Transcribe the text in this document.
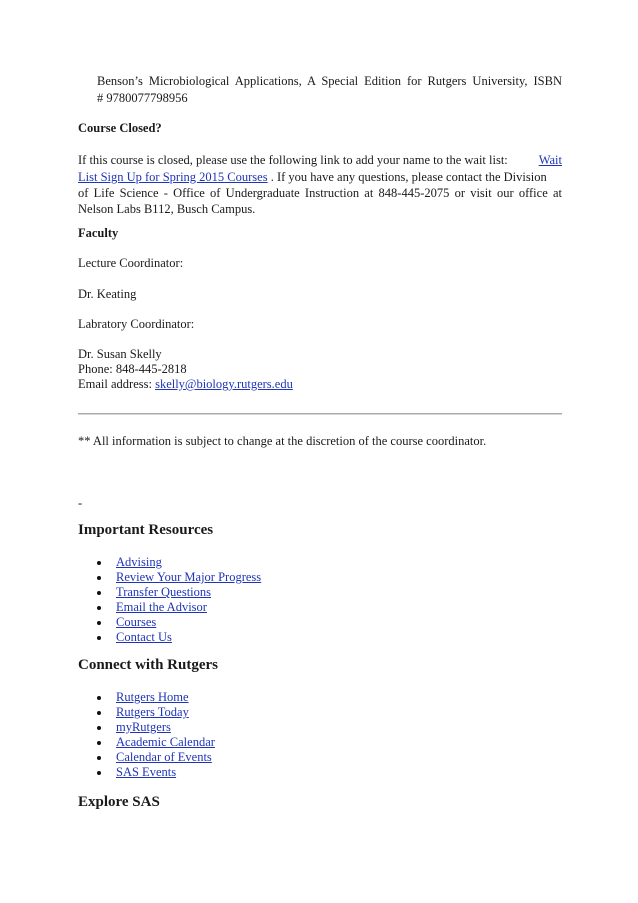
Benson’s Microbiological Applications, A Special Edition for Rutgers University, ISBN
# 9780077798956
Course Closed?
If this course is closed, please use the following link to add your name to the wait list: Wait
List Sign Up for Spring 2015 Courses . If you have any questions, please contact the Division
of Life Science - Office of Undergraduate Instruction at 848-445-2075 or visit our office at
Nelson Labs B112, Busch Campus.
Faculty
Lecture Coordinator:
Dr. Keating
Labratory Coordinator:
Dr. Susan Skelly
Phone: 848-445-2818
Email address: skelly@biology.rutgers.edu
** All information is subject to change at the discretion of the course coordinator.
-
Important Resources
Advising
Review Your Major Progress
Transfer Questions
Email the Advisor
Courses
Contact Us
Connect with Rutgers
Rutgers Home
Rutgers Today
myRutgers
Academic Calendar
Calendar of Events
SAS Events
Explore SAS
